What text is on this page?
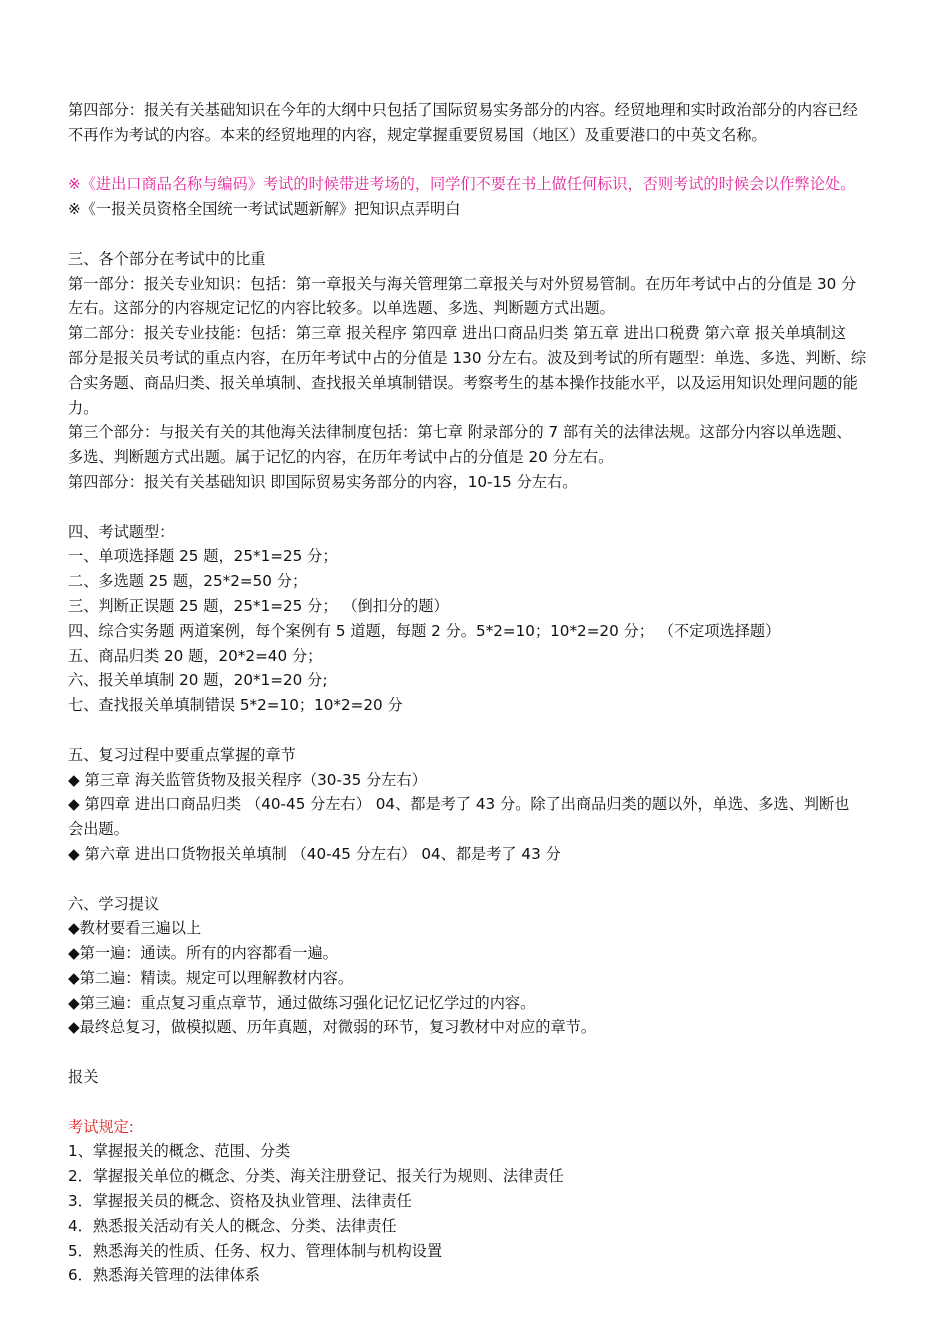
第四部分：报关有关基础知识在今年的大纲中只包括了国际贸易实务部分的内容。经贸地理和实时政治部分的内容已经

不再作为考试的内容。本来的经贸地理的内容，规定掌握重要贸易国（地区）及重要港口的中英文名称。

※《进出口商品名称与编码》考试的时候带进考场的，同学们不要在书上做任何标识，否则考试的时候会以作弊论处。

※《一报关员资格全国统一考试试题新解》把知识点弄明白

三、各个部分在考试中的比重

第一部分：报关专业知识：包括：第一章报关与海关管理第二章报关与对外贸易管制。在历年考试中占的分值是 30 分

左右。这部分的内容规定记忆的内容比较多。以单选题、多选、判断题方式出题。

第二部分：报关专业技能：包括：第三章 报关程序 第四章 进出口商品归类 第五章 进出口税费 第六章 报关单填制这

部分是报关员考试的重点内容，在历年考试中占的分值是 130 分左右。波及到考试的所有题型：单选、多选、判断、综

合实务题、商品归类、报关单填制、查找报关单填制错误。考察考生的基本操作技能水平，以及运用知识处理问题的能

力。

第三个部分：与报关有关的其他海关法律制度包括：第七章 附录部分的 7 部有关的法律法规。这部分内容以单选题、

多选、判断题方式出题。属于记忆的内容，在历年考试中占的分值是 20 分左右。

第四部分：报关有关基础知识 即国际贸易实务部分的内容，10-15 分左右。

四、考试题型：

一、单项选择题 25 题，25*1=25 分；

二、多选题 25 题，25*2=50 分；

三、判断正误题 25 题，25*1=25 分； （倒扣分的题）

四、综合实务题 两道案例，每个案例有 5 道题，每题 2 分。5*2=10；10*2=20 分； （不定项选择题）

五、商品归类 20 题，20*2=40 分；

六、报关单填制 20 题，20*1=20 分;

七、查找报关单填制错误 5*2=10；10*2=20 分

五、复习过程中要重点掌握的章节

◆ 第三章 海关监管货物及报关程序（30-35 分左右）

◆ 第四章 进出口商品归类 （40-45 分左右） 04、都是考了 43 分。除了出商品归类的题以外，单选、多选、判断也

会出题。

◆ 第六章 进出口货物报关单填制 （40-45 分左右） 04、都是考了 43 分

六、学习提议

◆教材要看三遍以上

◆第一遍：通读。所有的内容都看一遍。

◆第二遍：精读。规定可以理解教材内容。

◆第三遍：重点复习重点章节，通过做练习强化记忆记忆学过的内容。

◆最终总复习，做模拟题、历年真题，对微弱的环节，复习教材中对应的章节。

报关

考试规定:

1、掌握报关的概念、范围、分类

2．掌握报关单位的概念、分类、海关注册登记、报关行为规则、法律责任

3．掌握报关员的概念、资格及执业管理、法律责任

4．熟悉报关活动有关人的概念、分类、法律责任

5．熟悉海关的性质、任务、权力、管理体制与机构设置

6．熟悉海关管理的法律体系
